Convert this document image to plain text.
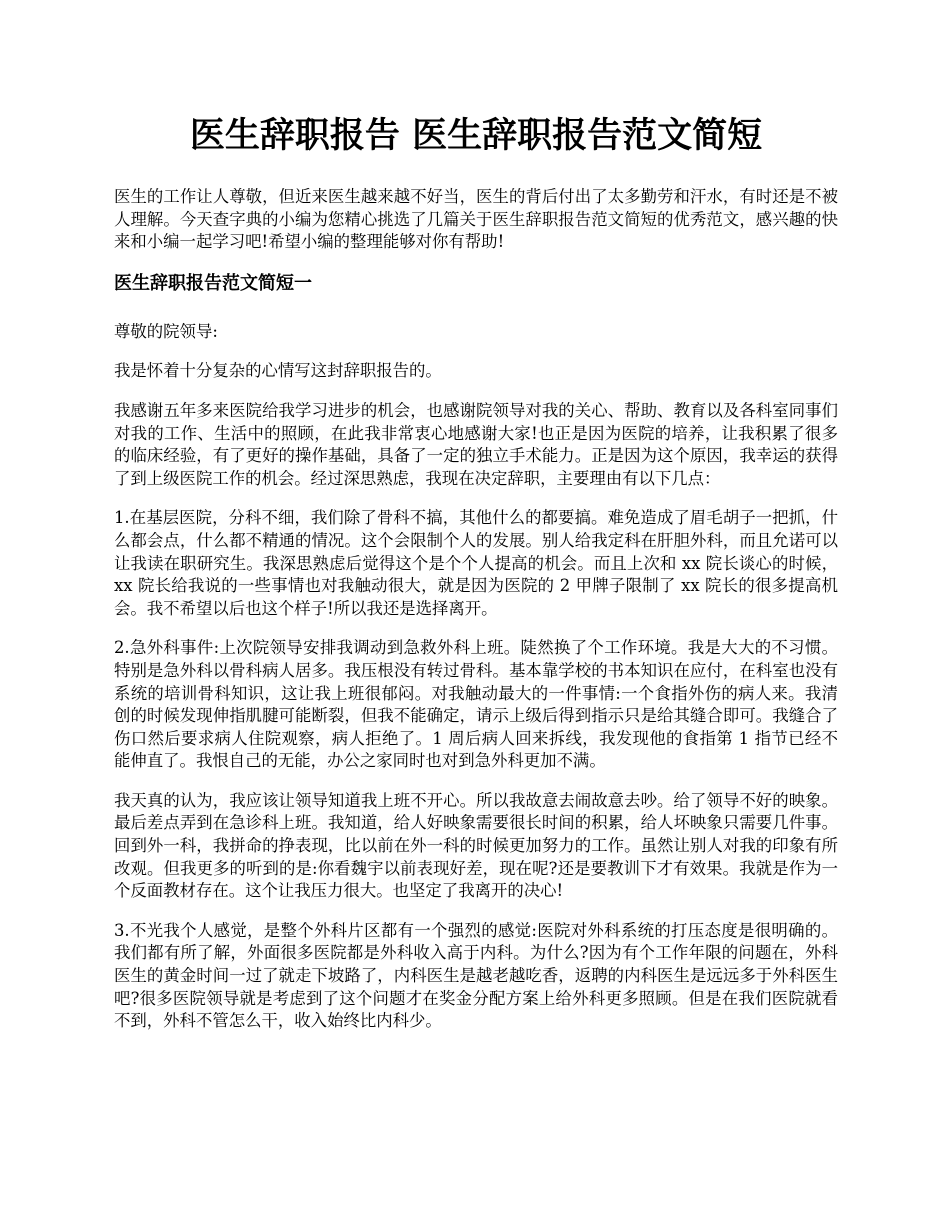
医生辞职报告 医生辞职报告范文简短

医生的工作让人尊敬，但近来医生越来越不好当，医生的背后付出了太多勤劳和汗水，有时还是不被人理解。今天查字典的小编为您精心挑选了几篇关于医生辞职报告范文简短的优秀范文，感兴趣的快来和小编一起学习吧!希望小编的整理能够对你有帮助!

医生辞职报告范文简短一

尊敬的院领导:

我是怀着十分复杂的心情写这封辞职报告的。

我感谢五年多来医院给我学习进步的机会，也感谢院领导对我的关心、帮助、教育以及各科室同事们对我的工作、生活中的照顾，在此我非常衷心地感谢大家!也正是因为医院的培养，让我积累了很多的临床经验，有了更好的操作基础，具备了一定的独立手术能力。正是因为这个原因，我幸运的获得了到上级医院工作的机会。经过深思熟虑，我现在决定辞职，主要理由有以下几点：

1.在基层医院，分科不细，我们除了骨科不搞，其他什么的都要搞。难免造成了眉毛胡子一把抓，什么都会点，什么都不精通的情况。这个会限制个人的发展。别人给我定科在肝胆外科，而且允诺可以让我读在职研究生。我深思熟虑后觉得这个是个个人提高的机会。而且上次和 xx 院长谈心的时候，xx 院长给我说的一些事情也对我触动很大，就是因为医院的 2 甲牌子限制了 xx 院长的很多提高机会。我不希望以后也这个样子!所以我还是选择离开。

2.急外科事件:上次院领导安排我调动到急救外科上班。陡然换了个工作环境。我是大大的不习惯。特别是急外科以骨科病人居多。我压根没有转过骨科。基本靠学校的书本知识在应付，在科室也没有系统的培训骨科知识，这让我上班很郁闷。对我触动最大的一件事情:一个食指外伤的病人来。我清创的时候发现伸指肌腱可能断裂，但我不能确定，请示上级后得到指示只是给其缝合即可。我缝合了伤口然后要求病人住院观察，病人拒绝了。1 周后病人回来拆线，我发现他的食指第 1 指节已经不能伸直了。我恨自己的无能，办公之家同时也对到急外科更加不满。

我天真的认为，我应该让领导知道我上班不开心。所以我故意去闹故意去吵。给了领导不好的映象。最后差点弄到在急诊科上班。我知道，给人好映象需要很长时间的积累，给人坏映象只需要几件事。回到外一科，我拼命的挣表现，比以前在外一科的时候更加努力的工作。虽然让别人对我的印象有所改观。但我更多的听到的是:你看魏宇以前表现好差，现在呢?还是要教训下才有效果。我就是作为一个反面教材存在。这个让我压力很大。也坚定了我离开的决心!

3.不光我个人感觉，是整个外科片区都有一个强烈的感觉:医院对外科系统的打压态度是很明确的。我们都有所了解，外面很多医院都是外科收入高于内科。为什么?因为有个工作年限的问题在，外科医生的黄金时间一过了就走下坡路了，内科医生是越老越吃香，返聘的内科医生是远远多于外科医生吧?很多医院领导就是考虑到了这个问题才在奖金分配方案上给外科更多照顾。但是在我们医院就看不到，外科不管怎么干，收入始终比内科少。
